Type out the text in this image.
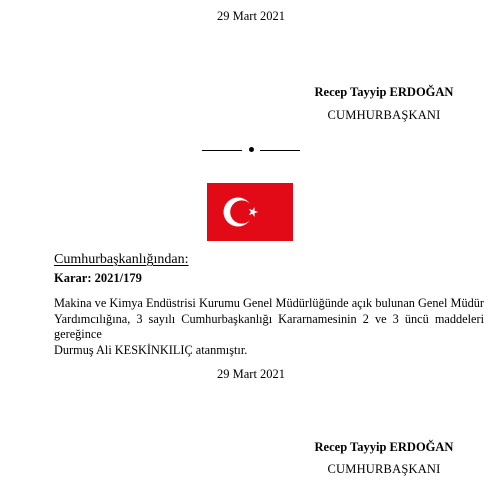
29 Mart 2021
Recep Tayyip ERDOĞAN
CUMHURBAŞKANI
Cumhurbaşkanlığından:
Karar: 2021/179
Makina ve Kimya Endüstrisi Kurumu Genel Müdürlüğünde açık bulunan Genel Müdür
Yardımcılığına, 3 sayılı Cumhurbaşkanlığı Kararnamesinin 2 ve 3 üncü maddeleri gereğince
Durmuş Ali KESKİNKILIÇ atanmıştır.
29 Mart 2021
Recep Tayyip ERDOĞAN
CUMHURBAŞKANI
